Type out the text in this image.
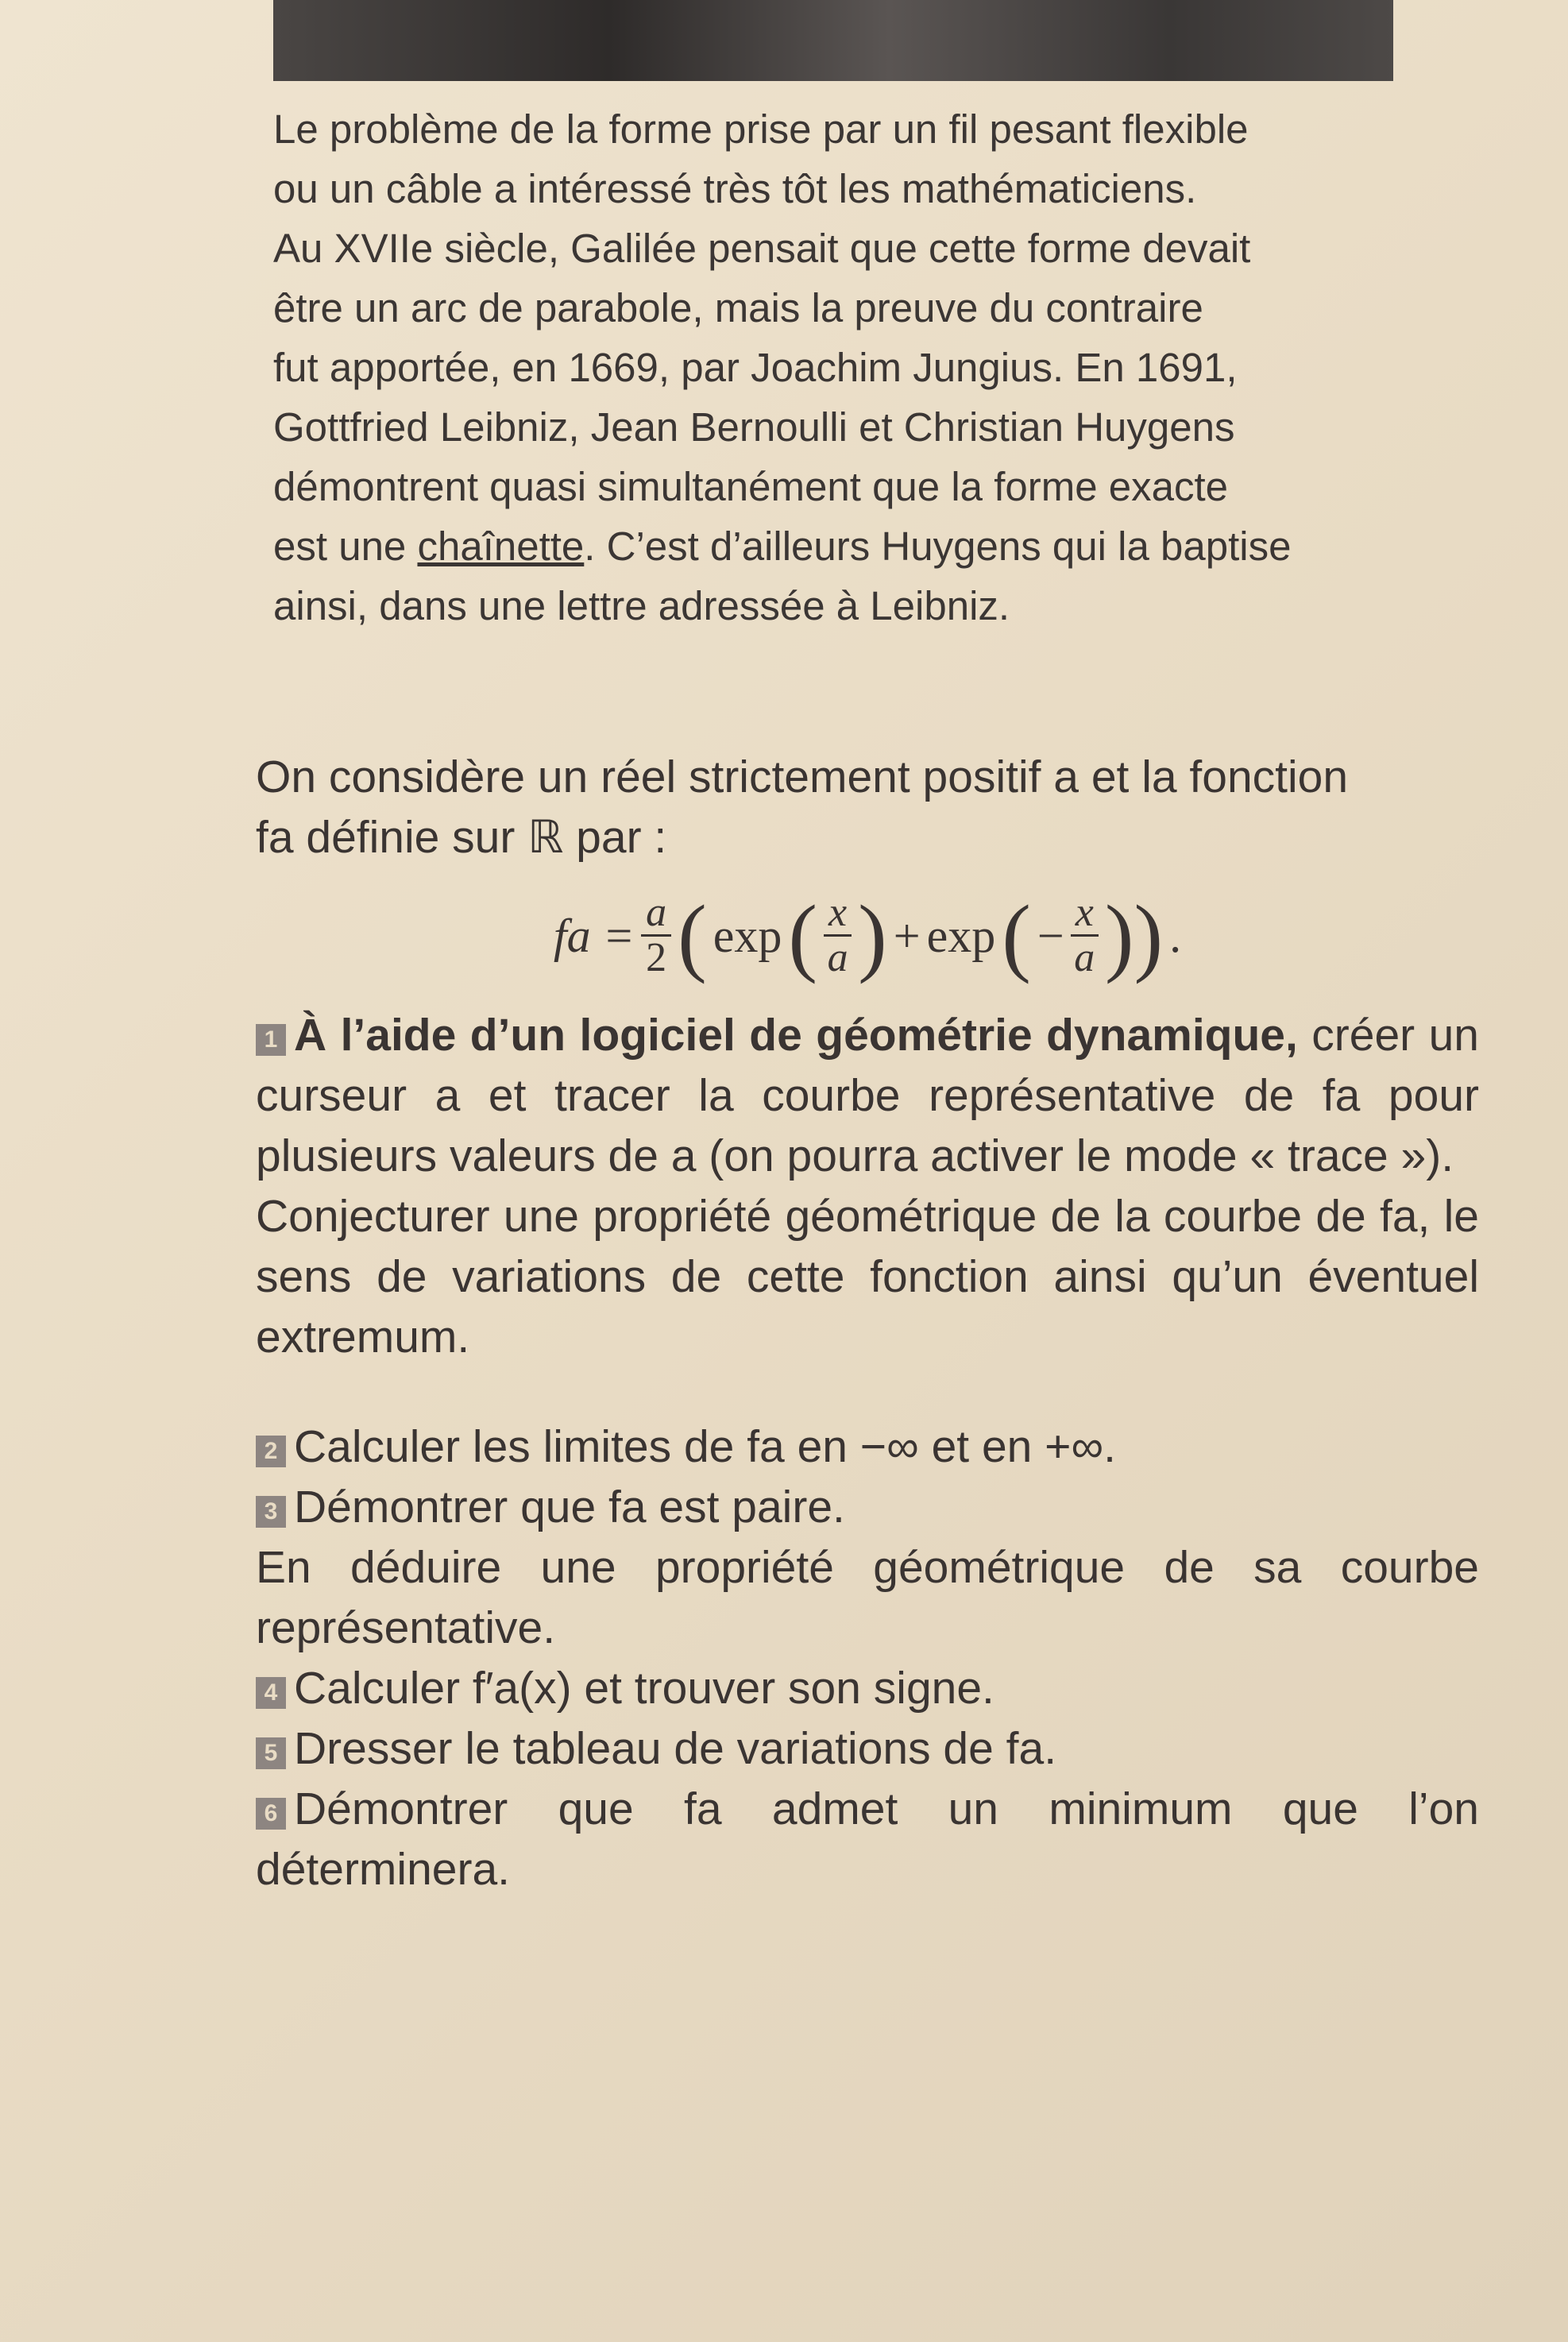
Le problème de la forme prise par un fil pesant flexible
ou un câble a intéressé très tôt les mathématiciens.
Au XVIIe siècle, Galilée pensait que cette forme devait
être un arc de parabole, mais la preuve du contraire
fut apportée, en 1669, par Joachim Jungius. En 1691,
Gottfried Leibniz, Jean Bernoulli et Christian Huygens
démontrent quasi simultanément que la forme exacte
est une chaînette. C’est d’ailleurs Huygens qui la baptise
ainsi, dans une lettre adressée à Leibniz.

On considère un réel strictement positif a et la fonction

fa définie sur ℝ par :

fa = $\frac{a}{2}$ ( exp ( $\frac{x}{a}$ ) + exp ( − $\frac{x}{a}$ )) .
1 À l’aide d’un logiciel de géométrie dynamique, créer un curseur a et tracer la courbe représentative de fa pour plusieurs valeurs de a (on pourra activer le mode « trace »).
Conjecturer une propriété géométrique de la courbe de fa, le sens de variations de cette fonction ainsi qu’un éventuel extremum.
2 Calculer les limites de fa en −∞ et en +∞.
3 Démontrer que fa est paire.
En déduire une propriété géométrique de sa courbe représentative.
4 Calculer f′a(x) et trouver son signe.
5 Dresser le tableau de variations de fa.
6 Démontrer que fa admet un minimum que l’on déterminera.
